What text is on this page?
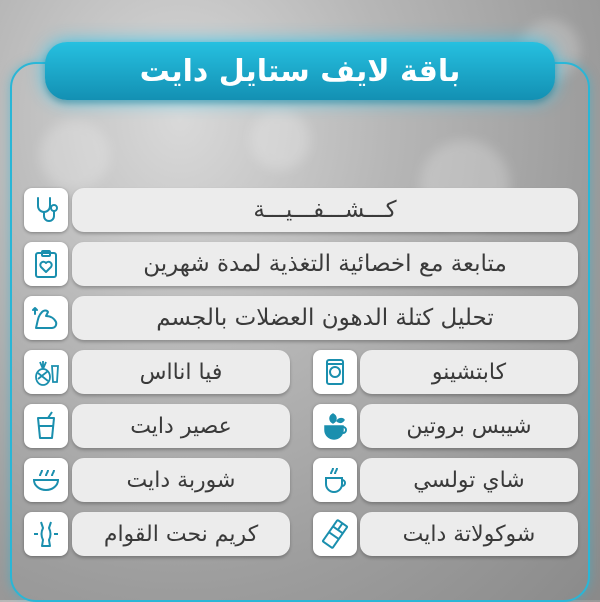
باقة لايف ستايل دايت
كـــشـــفـــيـــة
متابعة مع اخصائية التغذية لمدة شهرين
تحليل كتلة الدهون العضلات بالجسم
كابتشينو
شيبس بروتين
شاي تولسي
شوكولاتة دايت
فيا انااس
عصير دايت
شوربة دايت
كريم نحت القوام
